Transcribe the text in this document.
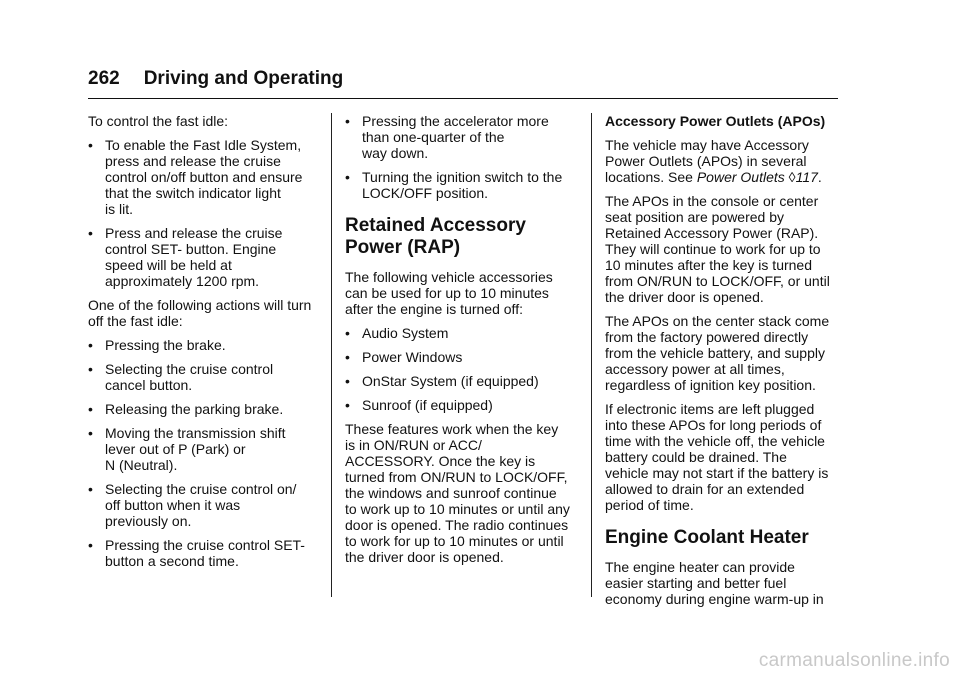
262 Driving and Operating

To control the fast idle:

• To enable the Fast Idle System,
press and release the cruise
control on/off button and ensure
that the switch indicator light
is lit.
• Press and release the cruise
control SET- button. Engine
speed will be held at
approximately 1200 rpm.

One of the following actions will turn
off the fast idle:

• Pressing the brake.
• Selecting the cruise control
cancel button.
• Releasing the parking brake.
• Moving the transmission shift
lever out of P (Park) or
N (Neutral).
• Selecting the cruise control on/
off button when it was
previously on.
• Pressing the cruise control SET-
button a second time.
• Pressing the accelerator more
than one-quarter of the
way down.
• Turning the ignition switch to the
LOCK/OFF position.
Retained Accessory
Power (RAP)

The following vehicle accessories
can be used for up to 10 minutes
after the engine is turned off:

• Audio System
• Power Windows
• OnStar System (if equipped)
• Sunroof (if equipped)

These features work when the key
is in ON/RUN or ACC/
ACCESSORY. Once the key is
turned from ON/RUN to LOCK/OFF,
the windows and sunroof continue
to work up to 10 minutes or until any
door is opened. The radio continues
to work for up to 10 minutes or until
the driver door is opened.

Accessory Power Outlets (APOs)

The vehicle may have Accessory
Power Outlets (APOs) in several
locations. See Power Outlets ◊117.

The APOs in the console or center
seat position are powered by
Retained Accessory Power (RAP).
They will continue to work for up to
10 minutes after the key is turned
from ON/RUN to LOCK/OFF, or until
the driver door is opened.

The APOs on the center stack come
from the factory powered directly
from the vehicle battery, and supply
accessory power at all times,
regardless of ignition key position.

If electronic items are left plugged
into these APOs for long periods of
time with the vehicle off, the vehicle
battery could be drained. The
vehicle may not start if the battery is
allowed to drain for an extended
period of time.

Engine Coolant Heater

The engine heater can provide
easier starting and better fuel
economy during engine warm-up in

carmanualsonline.info
